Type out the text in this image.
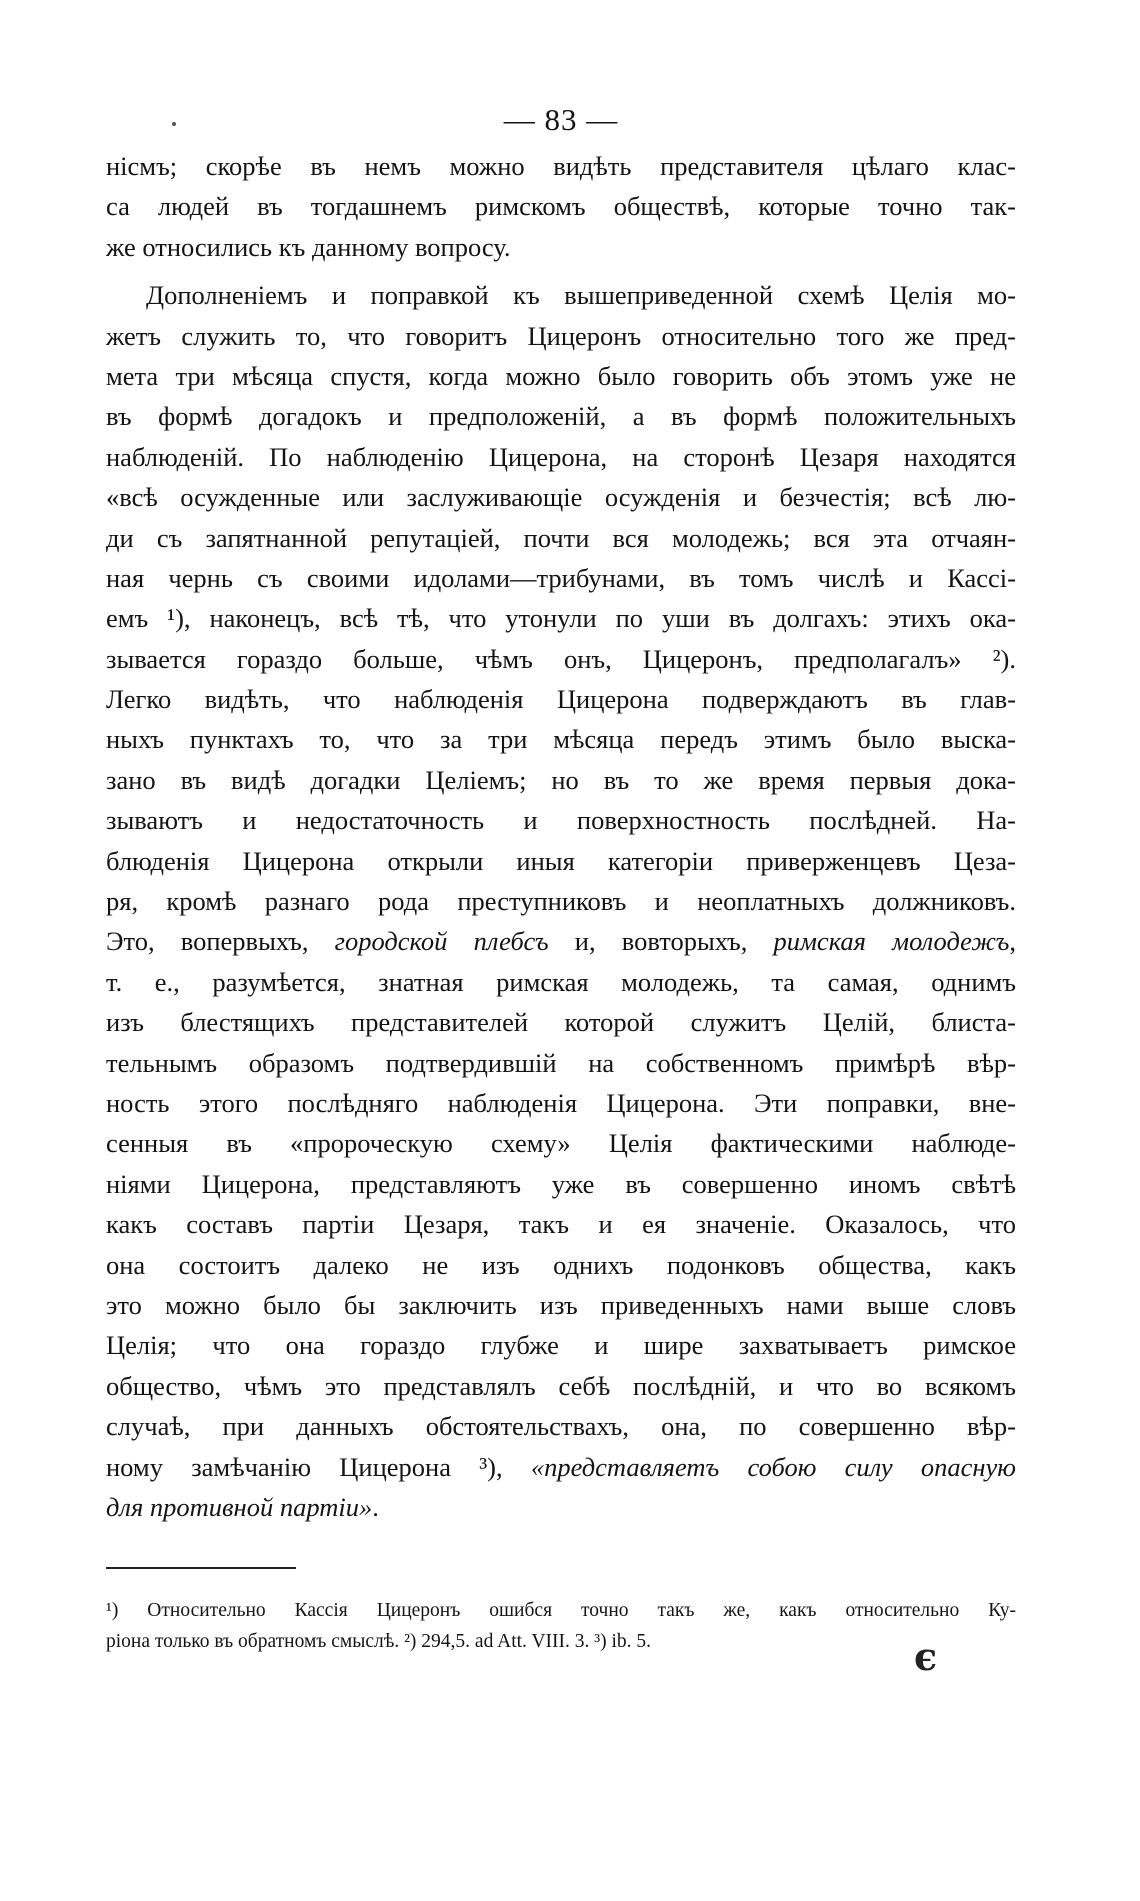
— 83 —
нісмъ; скорѣе въ немъ можно видѣть представителя цѣлаго клас-
са людей въ тогдашнемъ римскомъ обществѣ, которые точно так-
же относились къ данному вопросу.
Дополненіемъ и поправкой къ вышеприведенной схемѣ Целія мо-
жетъ служить то, что говоритъ Цицеронъ относительно того же пред-
мета три мѣсяца спустя, когда можно было говорить объ этомъ уже не
въ формѣ догадокъ и предположеній, а въ формѣ положительныхъ
наблюденій. По наблюденію Цицерона, на сторонѣ Цезаря находятся
«всѣ осужденные или заслуживающіе осужденія и безчестія; всѣ лю-
ди съ запятнанной репутаціей, почти вся молодежь; вся эта отчаян-
ная чернь съ своими идолами—трибунами, въ томъ числѣ и Кассі-
емъ ¹), наконецъ, всѣ тѣ, что утонули по уши въ долгахъ: этихъ ока-
зывается гораздо больше, чѣмъ онъ, Цицеронъ, предполагалъ» ²).
Легко видѣть, что наблюденія Цицерона подверждаютъ въ глав-
ныхъ пунктахъ то, что за три мѣсяца передъ этимъ было выска-
зано въ видѣ догадки Целіемъ; но въ то же время первыя дока-
зываютъ и недостаточность и поверхностность послѣдней. На-
блюденія Цицерона открыли иныя категоріи приверженцевъ Цеза-
ря, кромѣ разнаго рода преступниковъ и неоплатныхъ должниковъ.
Это, вопервыхъ, городской плебсъ и, вовторыхъ, римская молодежъ,
т. е., разумѣется, знатная римская молодежь, та самая, однимъ
изъ блестящихъ представителей которой служитъ Целій, блиста-
тельнымъ образомъ подтвердившій на собственномъ примѣрѣ вѣр-
ность этого послѣдняго наблюденія Цицерона. Эти поправки, вне-
сенныя въ «пророческую схему» Целія фактическими наблюде-
ніями Цицерона, представляютъ уже въ совершенно иномъ свѣтѣ
какъ составъ партіи Цезаря, такъ и ея значеніе. Оказалось, что
она состоитъ далеко не изъ однихъ подонковъ общества, какъ
это можно было бы заключить изъ приведенныхъ нами выше словъ
Целія; что она гораздо глубже и шире захватываетъ римское
общество, чѣмъ это представлялъ себѣ послѣдній, и что во всякомъ
случаѣ, при данныхъ обстоятельствахъ, она, по совершенно вѣр-
ному замѣчанію Цицерона ³), «представляетъ собою силу опасную
для противной партіи».
¹) Относительно Кассія Цицеронъ ошибся точно такъ же, какъ относительно Ку-
ріона только въ обратномъ смыслѣ. ²) 294,5. ad Att. VIII. 3. ³) ib. 5.	є
